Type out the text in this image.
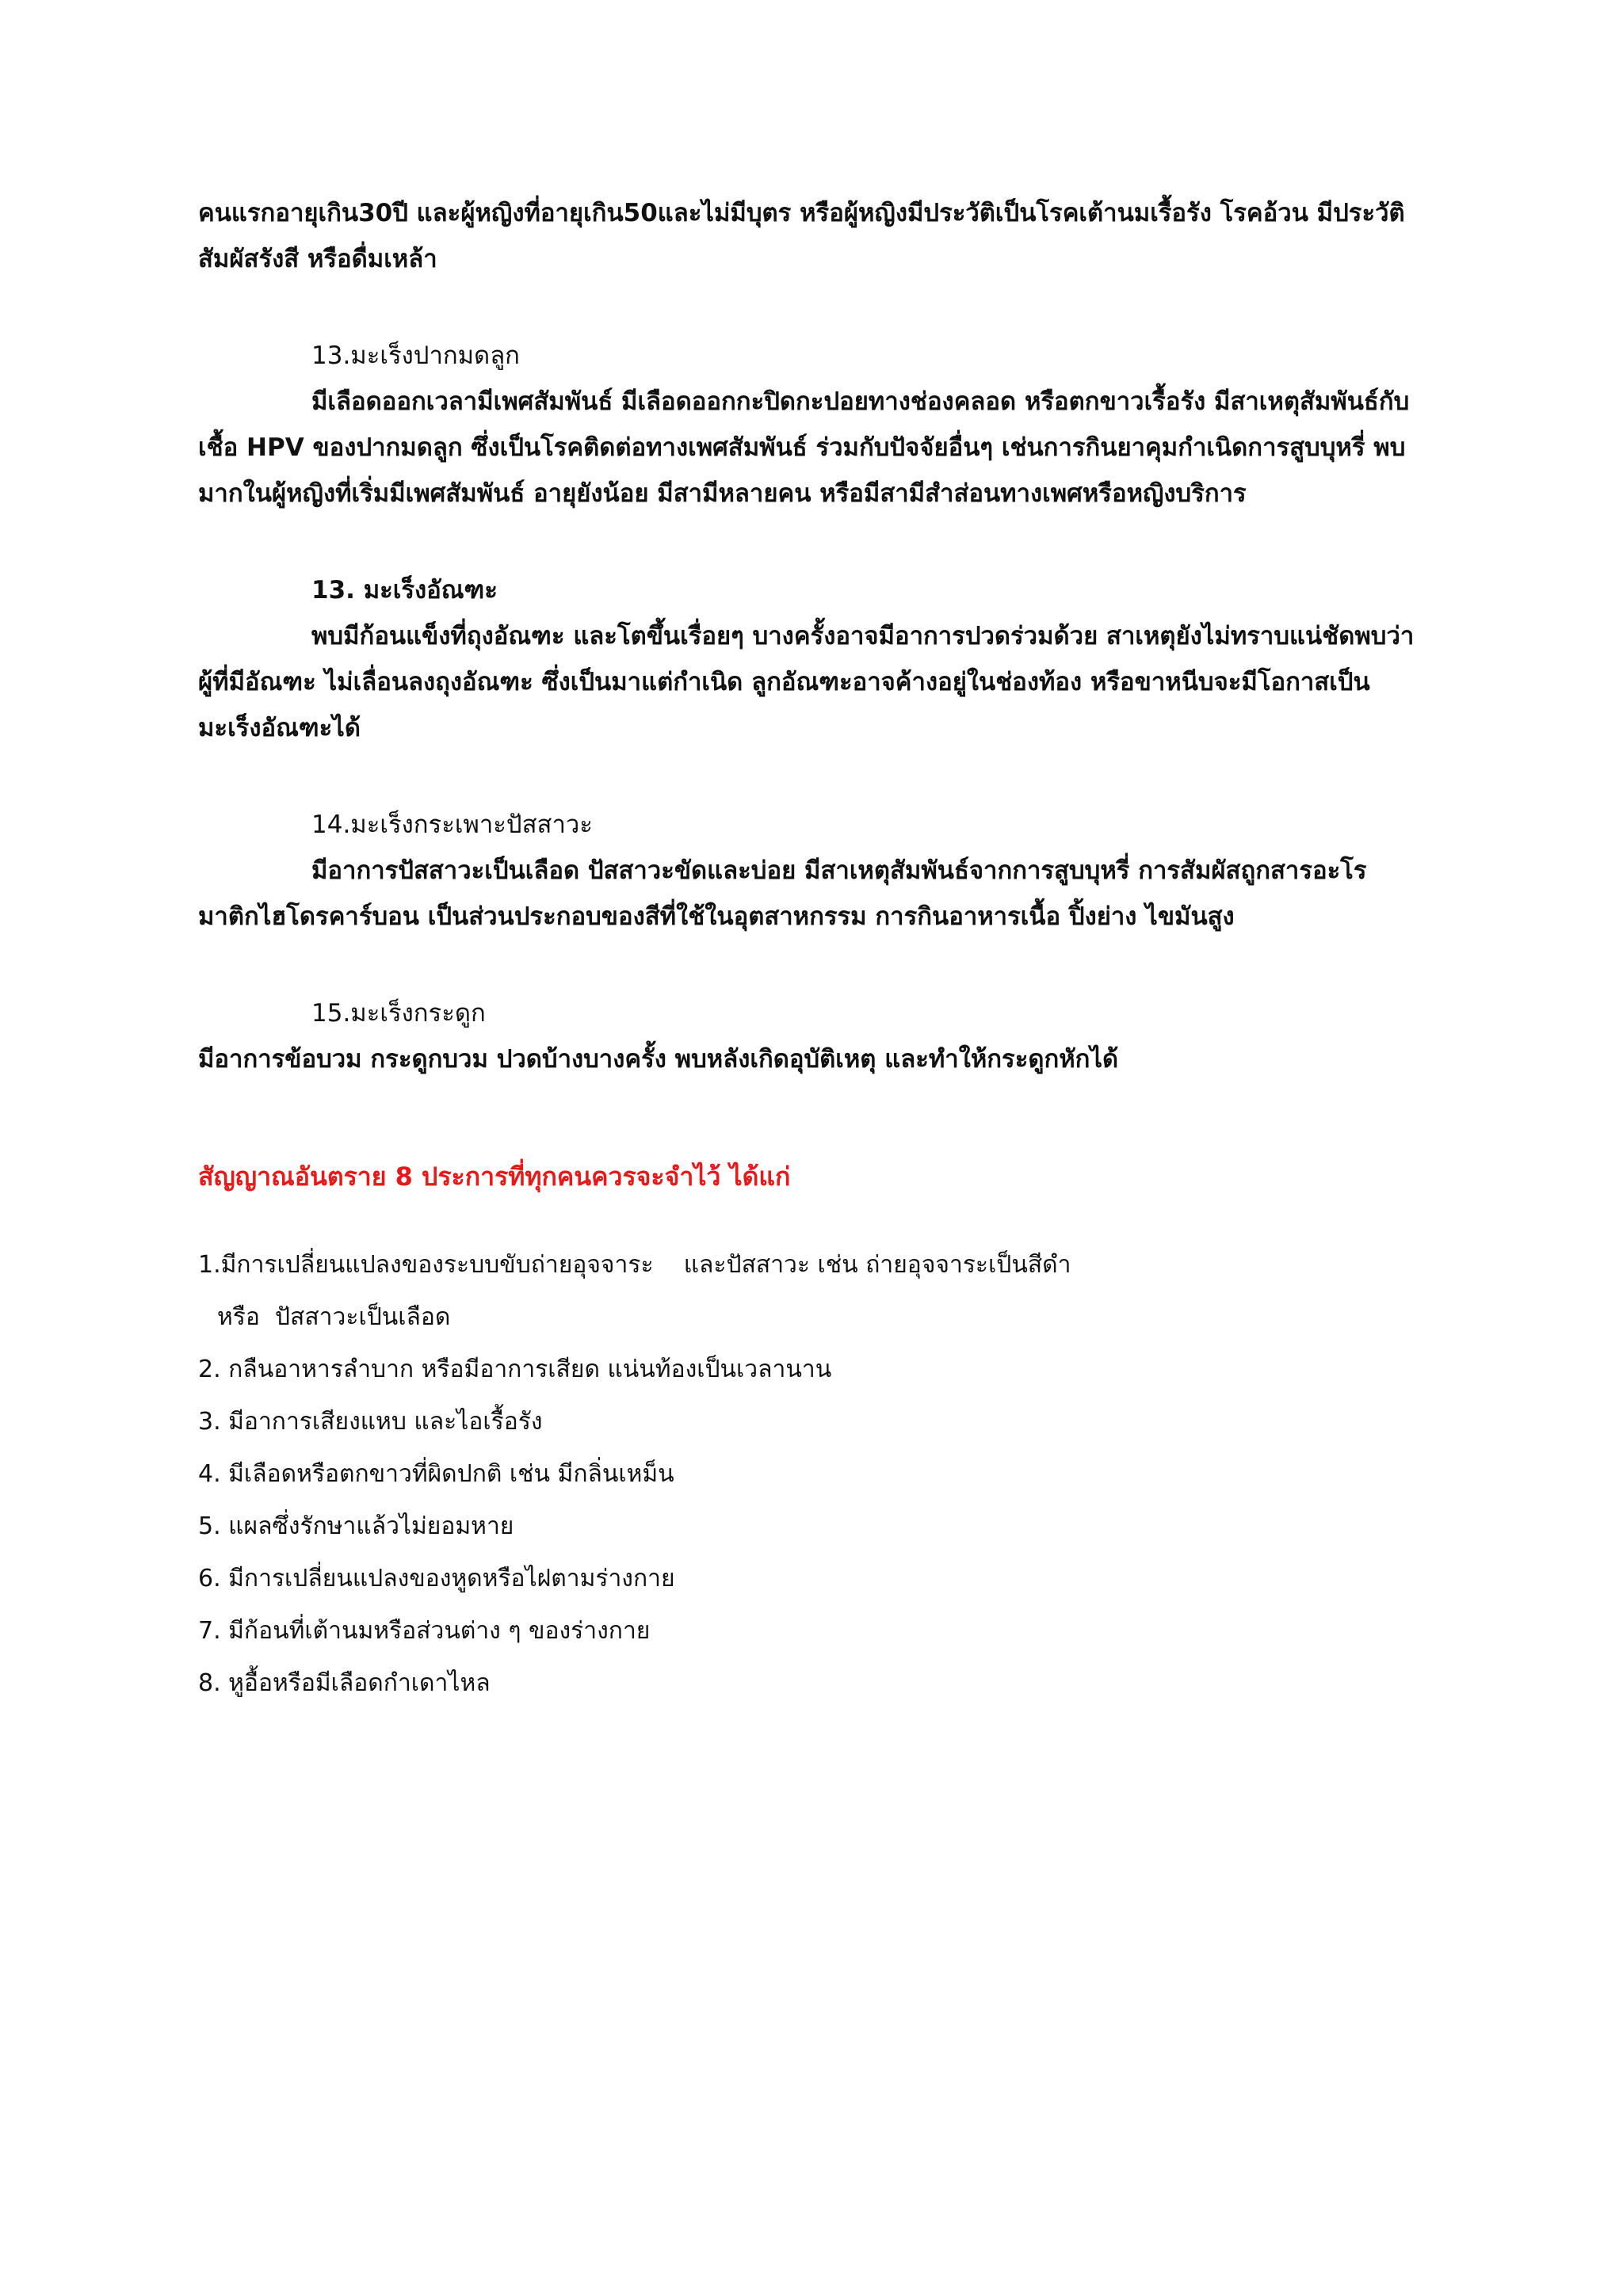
คนแรกอายุเกิน30ปี และผู้หญิงที่อายุเกิน50และไม่มีบุตร หรือผู้หญิงมีประวัติเป็นโรคเต้านมเรื้อรัง โรคอ้วน มีประวัติสัมผัสรังสี หรือดื่มเหล้า

13.มะเร็งปากมดลูก

มีเลือดออกเวลามีเพศสัมพันธ์ มีเลือดออกกะปิดกะปอยทางช่องคลอด หรือตกขาวเรื้อรัง มีสาเหตุสัมพันธ์กับเชื้อ HPV ของปากมดลูก ซึ่งเป็นโรคติดต่อทางเพศสัมพันธ์ ร่วมกับปัจจัยอื่นๆ เช่นการกินยาคุมกำเนิดการสูบบุหรี่ พบมากในผู้หญิงที่เริ่มมีเพศสัมพันธ์ อายุยังน้อย มีสามีหลายคน หรือมีสามีสำส่อนทางเพศหรือหญิงบริการ

13. มะเร็งอัณฑะ

พบมีก้อนแข็งที่ถุงอัณฑะ และโตขึ้นเรื่อยๆ บางครั้งอาจมีอาการปวดร่วมด้วย สาเหตุยังไม่ทราบแน่ชัดพบว่าผู้ที่มีอัณฑะ ไม่เลื่อนลงถุงอัณฑะ ซึ่งเป็นมาแต่กำเนิด ลูกอัณฑะอาจค้างอยู่ในช่องท้อง หรือขาหนีบจะมีโอกาสเป็นมะเร็งอัณฑะได้

14.มะเร็งกระเพาะปัสสาวะ

มีอาการปัสสาวะเป็นเลือด ปัสสาวะขัดและบ่อย มีสาเหตุสัมพันธ์จากการสูบบุหรี่ การสัมผัสถูกสารอะโรมาติกไฮโดรคาร์บอน เป็นส่วนประกอบของสีที่ใช้ในอุตสาหกรรม การกินอาหารเนื้อ ปิ้งย่าง ไขมันสูง

15.มะเร็งกระดูก

มีอาการข้อบวม กระดูกบวม ปวดบ้างบางครั้ง พบหลังเกิดอุบัติเหตุ และทำให้กระดูกหักได้

สัญญาณอันตราย 8 ประการที่ทุกคนควรจะจำไว้ ได้แก่

1.มีการเปลี่ยนแปลงของระบบขับถ่ายอุจจาระ    และปัสสาวะ เช่น ถ่ายอุจจาระเป็นสีดำ

หรือ  ปัสสาวะเป็นเลือด

2. กลืนอาหารลำบาก หรือมีอาการเสียด แน่นท้องเป็นเวลานาน

3. มีอาการเสียงแหบ และไอเรื้อรัง

4. มีเลือดหรือตกขาวที่ผิดปกติ เช่น มีกลิ่นเหม็น

5. แผลซึ่งรักษาแล้วไม่ยอมหาย

6. มีการเปลี่ยนแปลงของหูดหรือไฝตามร่างกาย

7. มีก้อนที่เต้านมหรือส่วนต่าง ๆ ของร่างกาย

8. หูอื้อหรือมีเลือดกำเดาไหล
